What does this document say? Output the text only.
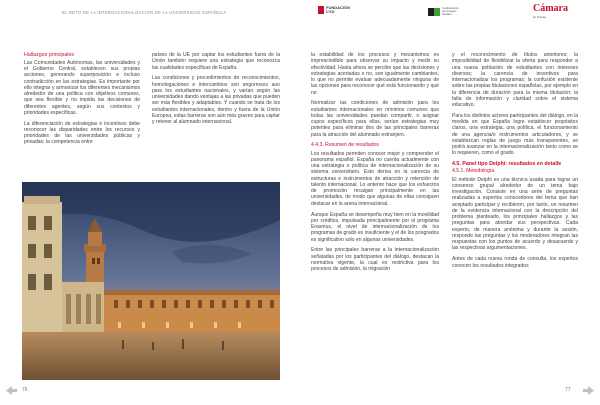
EL RETO DE LA INTERNACIONALIZACIÓN DE LA UNIVERSIDAD ESPAÑOLA
FUNDACIÓN
CYD
Confederación
de Consejos
Sociales
Cámara
de España
Hallazgos principales

Las Comunidades Autónomas, las universidades y el Gobierno Central, establecen sus propias acciones, generando superposición e incluso contradicción en las estrategias. Es importante por ello integrar y armonizar los diferentes mecanismos alrededor de una política con objetivos comunes, que sea flexible y no impida las decisiones de diferentes agentes, según sus contextos y prioridades específicas.

La diferenciación de estrategias e incentivos debe reconocer las disparidades entre los recursos y prioridades de las universidades públicas y privadas; la competencia entre

países de la UE por captar los estudiantes fuera de la Unión también requiere una estrategia que reconozca las cualidades específicas de España.

Las condiciones y procedimientos de reconocimientos, homologaciones e intercambios son engorrosos aun para los estudiantes nacionales, y varían según las universidades dando ventajas a las privadas que pueden ser más flexibles y adaptables. Y cuando se trata de los estudiantes internacionales, dentro y fuera de la Unión Europea, estas barreras son aún más graves para captar y retener al alumnado internacional.

la estabilidad de los procesos y mecanismos es imprescindible para observar su impacto y medir su efectividad. Hasta ahora se percibe que las decisiones y estrategias acertadas o no, son igualmente cambiantes, lo que no permite evaluar adecuadamente ninguna de las opciones para reconocer qué está funcionando y qué no.

Normalizar las condiciones de admisión para los estudiantes internacionales en mínimos comunes que todas las universidades puedan compartir, o asignar cupos específicos para ellos, serían estrategias muy potentes para eliminar dos de las principales barreras para la atracción del alumnado extranjero.

4.4.3. Resumen de resultados

Los resultados permiten conocer mejor y comprender el panorama español. España no cuenta actualmente con una estrategia o política de internacionalización de su sistema universitario. Esto deriva en la carencia de estructuras e instrumentos de atracción y retención de talento internacional. Lo anterior hace que los esfuerzos de promoción recaigan principalmente en las universidades, de modo que algunas de ellas consiguen destacar en la arena internacional.

Aunque España se desempeña muy bien en la movilidad por créditos, impulsada principalmente por el programa Erasmus, el nivel de internacionalización de los programas de grado es insuficiente y el de los posgrados es significativo solo en algunas universidades.

Entre las principales barreras a la internacionalización señaladas por los participantes del diálogo, destacan la normativa vigente, la cual es restrictiva para los procesos de admisión, la migración

y el reconocimiento de títulos anteriores; la imposibilidad de flexibilizar la oferta para responder a una nueva población de estudiantes con intereses diversos; la carencia de incentivos para internacionalizar los programas; la confusión existente sobre las propias titulaciones españolas, por ejemplo en la diferencia de duración para la misma titulación; la falta de información y claridad sobre el sistema educativo.

Para los distintos actores participantes del diálogo, en la medida en que España logre establecer propósitos claros, una estrategia, una política, el funcionamiento de una agencia/o instrumentos articuladores, y se establezcan reglas de juego más transparentes, se podrá avanzar en la internacionalización tanto como se lo requieren, como el grado.

4.5. Panel tipo Delphi: resultados en detalle
4.5.1. Metodología

El método Delphi es una técnica usada para lograr un consenso grupal alrededor de un tema bajo investigación. Consiste en una serie de preguntas realizadas a expertos conocedores del tema que han aceptado participar y recibieron, por tanto, un resumen de la evidencia internacional con la descripción del problema planteado, los principales hallazgos y las preguntas para abordar sus perspectivas. Cada experto, de manera anónima y durante la sesión, responde las preguntas y los moderadores integran las respuestas con los puntos de acuerdo y desacuerdo y las respectivas argumentaciones.

Antes de cada nueva ronda de consulta, los expertos conocen los resultados integrados

76	77
